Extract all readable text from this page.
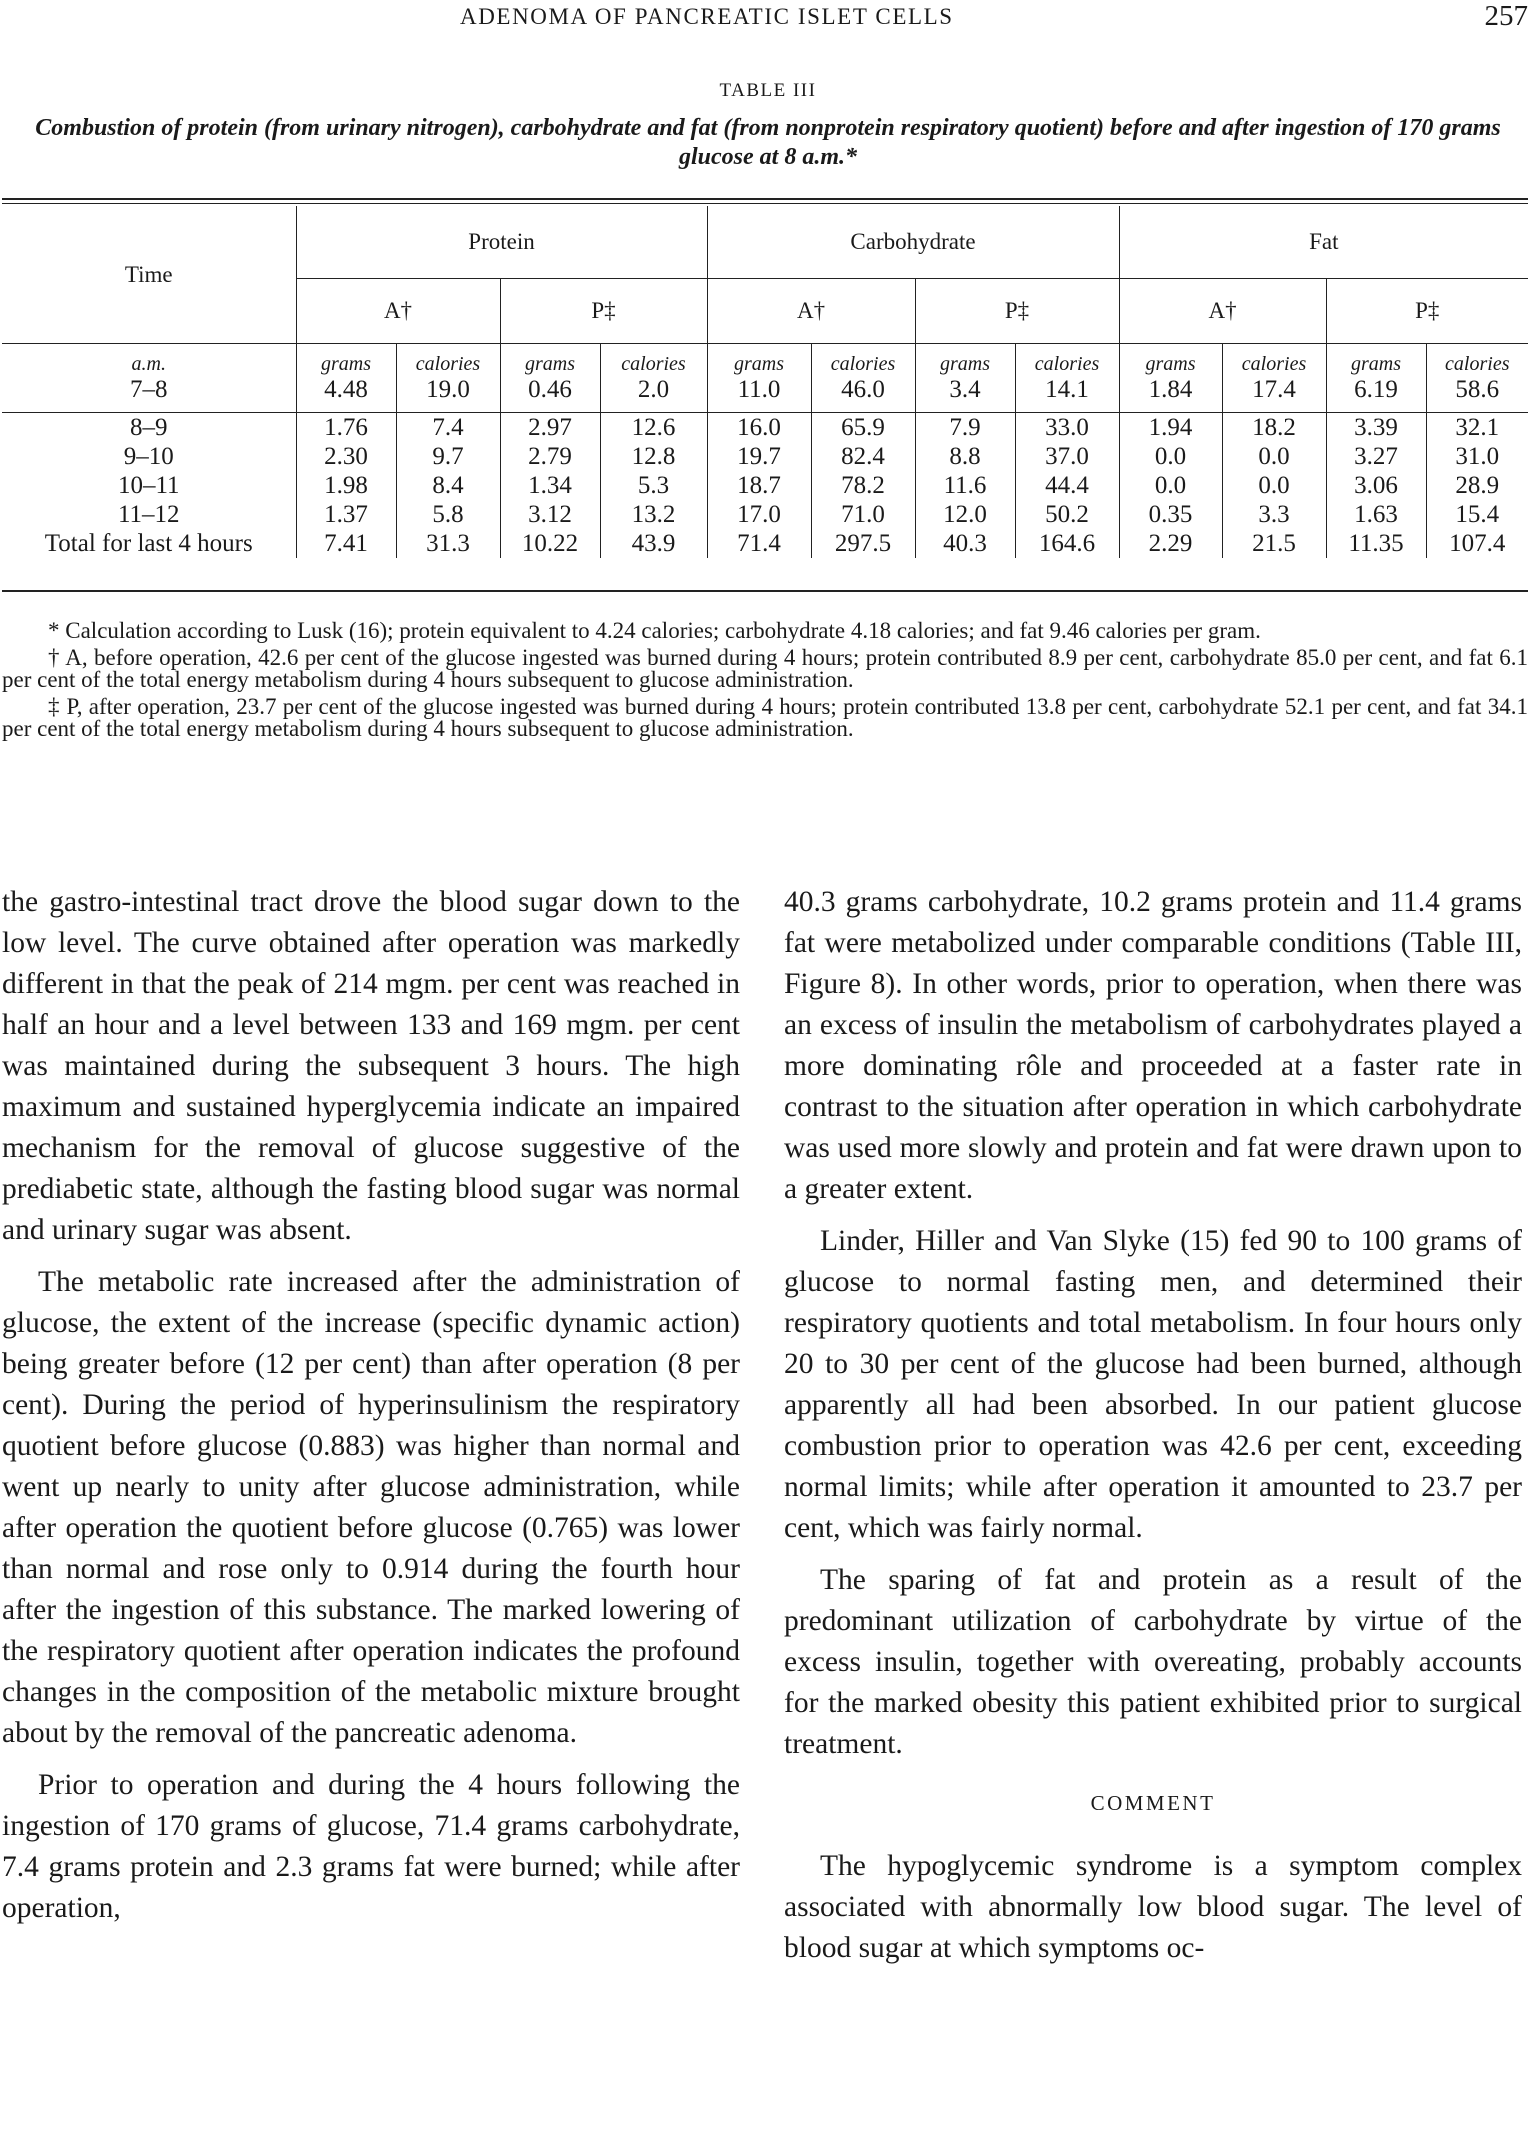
ADENOMA OF PANCREATIC ISLET CELLS	257
TABLE III
Combustion of protein (from urinary nitrogen), carbohydrate and fat (from nonprotein respiratory quotient) before and after ingestion of 170 grams glucose at 8 a.m.*
Time	Protein				Carbohydrate				Fat			
	A†		P‡		A†		P‡		A†		P‡	
a.m.	grams	calories	grams	calories	grams	calories	grams	calories	grams	calories	grams	calories
7–8	4.48	19.0	0.46	2.0	11.0	46.0	3.4	14.1	1.84	17.4	6.19	58.6
8–9	1.76	7.4	2.97	12.6	16.0	65.9	7.9	33.0	1.94	18.2	3.39	32.1
9–10	2.30	9.7	2.79	12.8	19.7	82.4	8.8	37.0	0.0	0.0	3.27	31.0
10–11	1.98	8.4	1.34	5.3	18.7	78.2	11.6	44.4	0.0	0.0	3.06	28.9
11–12	1.37	5.8	3.12	13.2	17.0	71.0	12.0	50.2	0.35	3.3	1.63	15.4
Total for last 4 hours	7.41	31.3	10.22	43.9	71.4	297.5	40.3	164.6	2.29	21.5	11.35	107.4

* Calculation according to Lusk (16); protein equivalent to 4.24 calories; carbohydrate 4.18 calories; and fat 9.46 calories per gram.

† A, before operation, 42.6 per cent of the glucose ingested was burned during 4 hours; protein contributed 8.9 per cent, carbohydrate 85.0 per cent, and fat 6.1 per cent of the total energy metabolism during 4 hours subsequent to glucose administration.

‡ P, after operation, 23.7 per cent of the glucose ingested was burned during 4 hours; protein contributed 13.8 per cent, carbohydrate 52.1 per cent, and fat 34.1 per cent of the total energy metabolism during 4 hours subsequent to glucose administration.

the gastro-intestinal tract drove the blood sugar down to the low level. The curve obtained after operation was markedly different in that the peak of 214 mgm. per cent was reached in half an hour and a level between 133 and 169 mgm. per cent was maintained during the subsequent 3 hours. The high maximum and sustained hyperglycemia indicate an impaired mechanism for the removal of glucose suggestive of the prediabetic state, although the fasting blood sugar was normal and urinary sugar was absent.

The metabolic rate increased after the administration of glucose, the extent of the increase (specific dynamic action) being greater before (12 per cent) than after operation (8 per cent). During the period of hyperinsulinism the respiratory quotient before glucose (0.883) was higher than normal and went up nearly to unity after glucose administration, while after operation the quotient before glucose (0.765) was lower than normal and rose only to 0.914 during the fourth hour after the ingestion of this substance. The marked lowering of the respiratory quotient after operation indicates the profound changes in the composition of the metabolic mixture brought about by the removal of the pancreatic adenoma.

Prior to operation and during the 4 hours following the ingestion of 170 grams of glucose, 71.4 grams carbohydrate, 7.4 grams protein and 2.3 grams fat were burned; while after operation,

40.3 grams carbohydrate, 10.2 grams protein and 11.4 grams fat were metabolized under comparable conditions (Table III, Figure 8). In other words, prior to operation, when there was an excess of insulin the metabolism of carbohydrates played a more dominating rôle and proceeded at a faster rate in contrast to the situation after operation in which carbohydrate was used more slowly and protein and fat were drawn upon to a greater extent.

Linder, Hiller and Van Slyke (15) fed 90 to 100 grams of glucose to normal fasting men, and determined their respiratory quotients and total metabolism. In four hours only 20 to 30 per cent of the glucose had been burned, although apparently all had been absorbed. In our patient glucose combustion prior to operation was 42.6 per cent, exceeding normal limits; while after operation it amounted to 23.7 per cent, which was fairly normal.

The sparing of fat and protein as a result of the predominant utilization of carbohydrate by virtue of the excess insulin, together with overeating, probably accounts for the marked obesity this patient exhibited prior to surgical treatment.

COMMENT

The hypoglycemic syndrome is a symptom complex associated with abnormally low blood sugar. The level of blood sugar at which symptoms oc-
